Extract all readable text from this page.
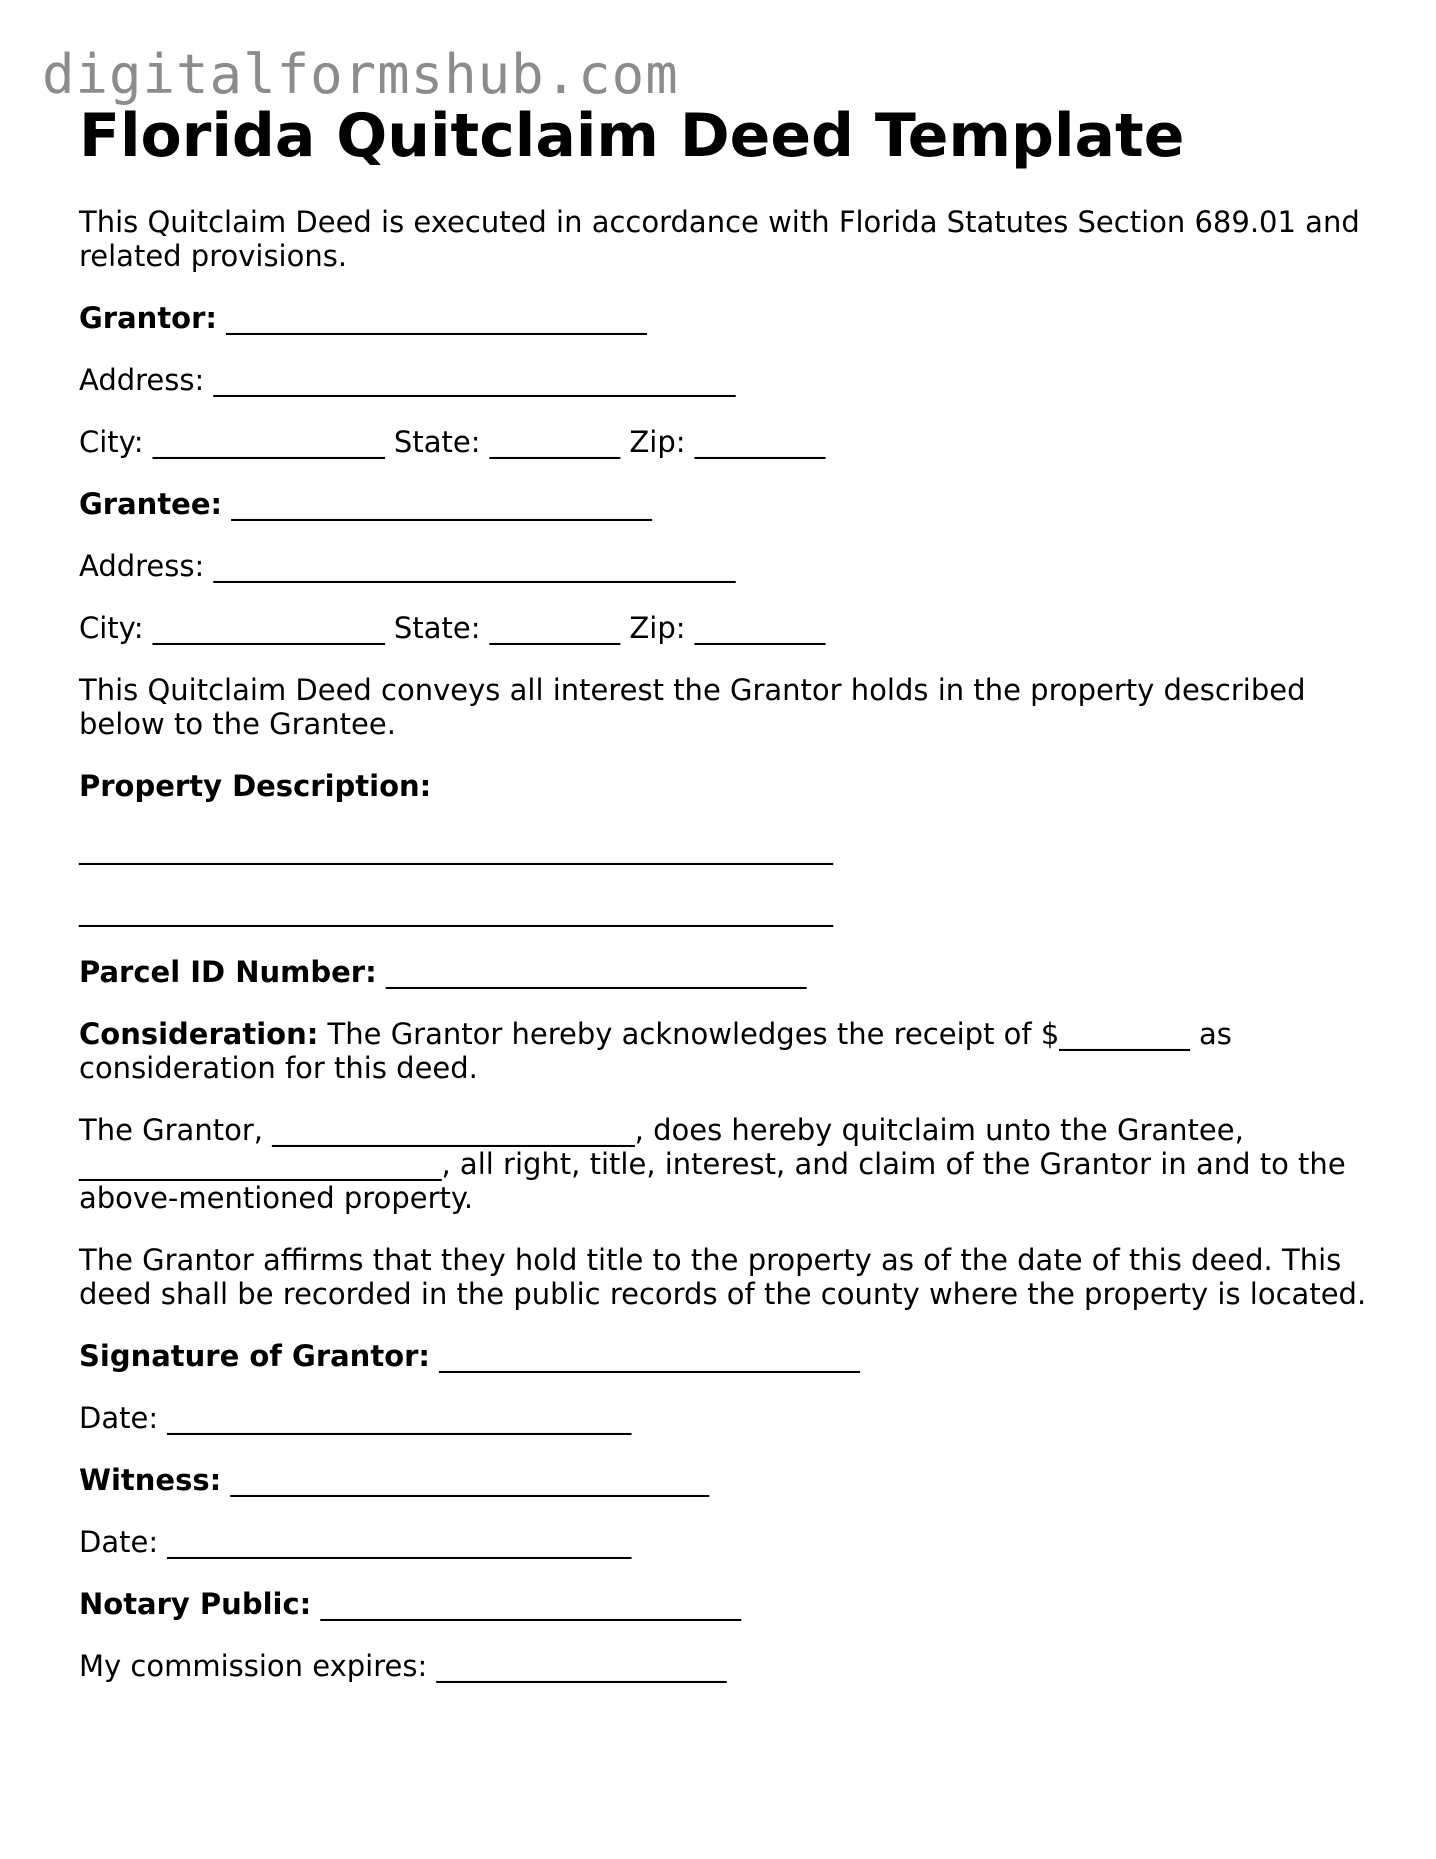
digitalformshub.com
Florida Quitclaim Deed Template

This Quitclaim Deed is executed in accordance with Florida Statutes Section 689.01 and related provisions.

Grantor: _____________________________

Address: ____________________________________

City: ________________ State: _________ Zip: _________

Grantee: _____________________________

Address: ____________________________________

City: ________________ State: _________ Zip: _________

This Quitclaim Deed conveys all interest the Grantor holds in the property described below to the Grantee.

Property Description:

____________________________________________________
____________________________________________________

Parcel ID Number: _____________________________

Consideration: The Grantor hereby acknowledges the receipt of $_________ as consideration for this deed.

The Grantor, _________________________, does hereby quitclaim unto the Grantee, _________________________, all right, title, interest, and claim of the Grantor in and to the above-mentioned property.

The Grantor affirms that they hold title to the property as of the date of this deed. This deed shall be recorded in the public records of the county where the property is located.

Signature of Grantor: _____________________________

Date: ________________________________

Witness: _________________________________

Date: ________________________________

Notary Public: _____________________________

My commission expires: ____________________
